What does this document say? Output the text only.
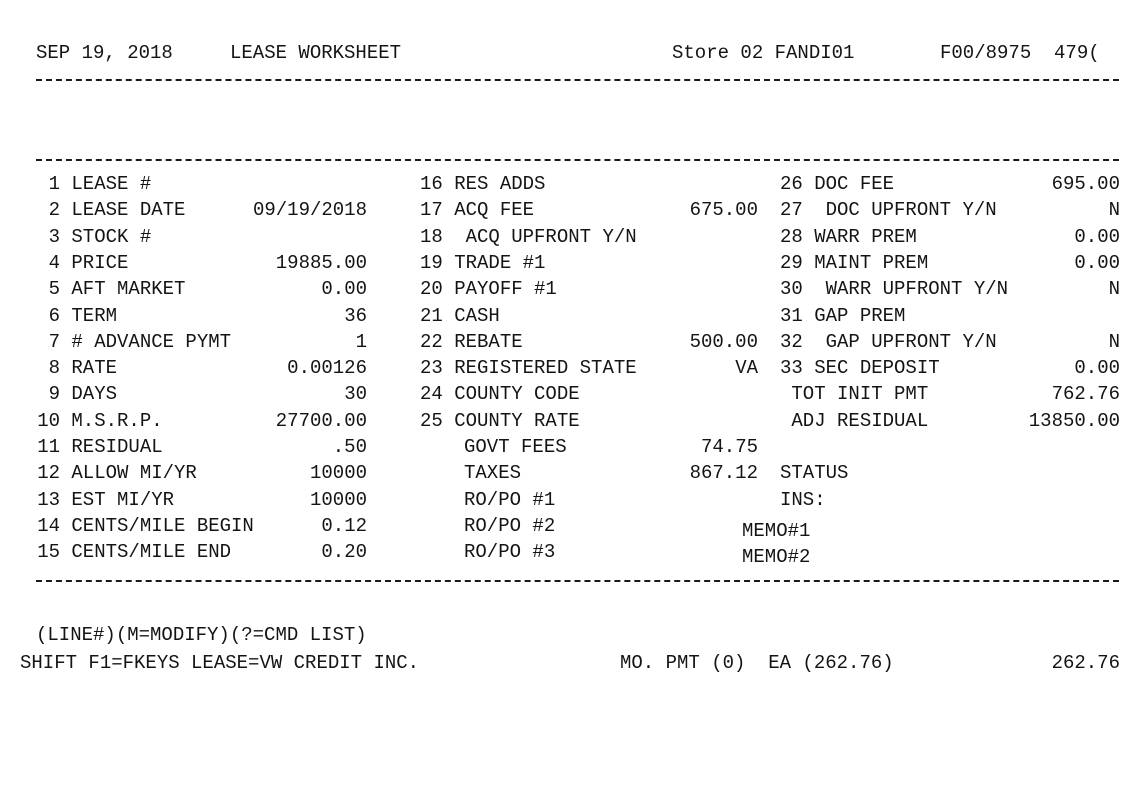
SEP 19, 2018	LEASE WORKSHEET	Store 02 FANDI01	F00/8975  479(
1 LEASE #
2 LEASE DATE	09/19/2018
3 STOCK #
4 PRICE	19885.00
5 AFT MARKET	0.00
6 TERM	36
7 # ADVANCE PYMT	1
8 RATE	0.00126
9 DAYS	30
10 M.S.R.P.	27700.00
11 RESIDUAL	.50
12 ALLOW MI/YR	10000
13 EST MI/YR	10000
14 CENTS/MILE BEGIN	0.12
15 CENTS/MILE END	0.20
16 RES ADDS
17 ACQ FEE	675.00
18  ACQ UPFRONT Y/N
19 TRADE #1
20 PAYOFF #1
21 CASH
22 REBATE	500.00
23 REGISTERED STATE	VA
24 COUNTY CODE
25 COUNTY RATE
GOVT FEES	74.75
TAXES	867.12
RO/PO #1
RO/PO #2
RO/PO #3
26 DOC FEE	695.00
27  DOC UPFRONT Y/N	N
28 WARR PREM	0.00
29 MAINT PREM	0.00
30  WARR UPFRONT Y/N	N
31 GAP PREM
32  GAP UPFRONT Y/N	N
33 SEC DEPOSIT	0.00
TOT INIT PMT	762.76
ADJ RESIDUAL	13850.00
STATUS
INS:
MEMO#1
MEMO#2
(LINE#)(M=MODIFY)(?=CMD LIST)
SHIFT F1=FKEYS LEASE=VW CREDIT INC.	MO. PMT (0)  EA (262.76)	262.76
